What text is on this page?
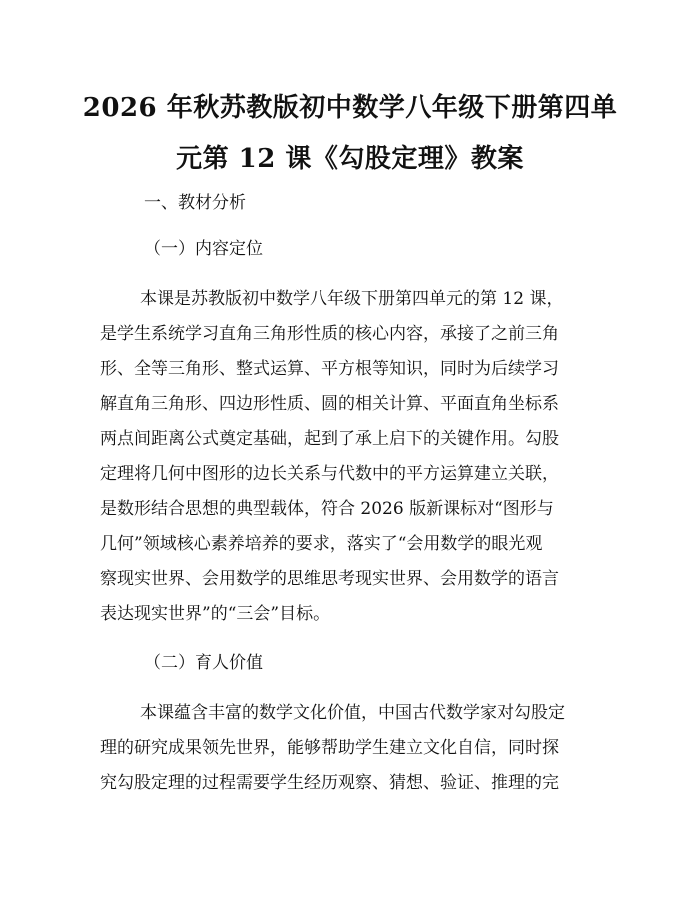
2026 年秋苏教版初中数学八年级下册第四单
元第 12 课《勾股定理》教案

一、教材分析

（一）内容定位

本课是苏教版初中数学八年级下册第四单元的第 12 课，
是学生系统学习直角三角形性质的核心内容，承接了之前三角
形、全等三角形、整式运算、平方根等知识，同时为后续学习
解直角三角形、四边形性质、圆的相关计算、平面直角坐标系
两点间距离公式奠定基础，起到了承上启下的关键作用。勾股
定理将几何中图形的边长关系与代数中的平方运算建立关联，
是数形结合思想的典型载体，符合 2026 版新课标对“图形与
几何”领域核心素养培养的要求，落实了“会用数学的眼光观
察现实世界、会用数学的思维思考现实世界、会用数学的语言
表达现实世界”的“三会”目标。

（二）育人价值

本课蕴含丰富的数学文化价值，中国古代数学家对勾股定
理的研究成果领先世界，能够帮助学生建立文化自信，同时探
究勾股定理的过程需要学生经历观察、猜想、验证、推理的完
